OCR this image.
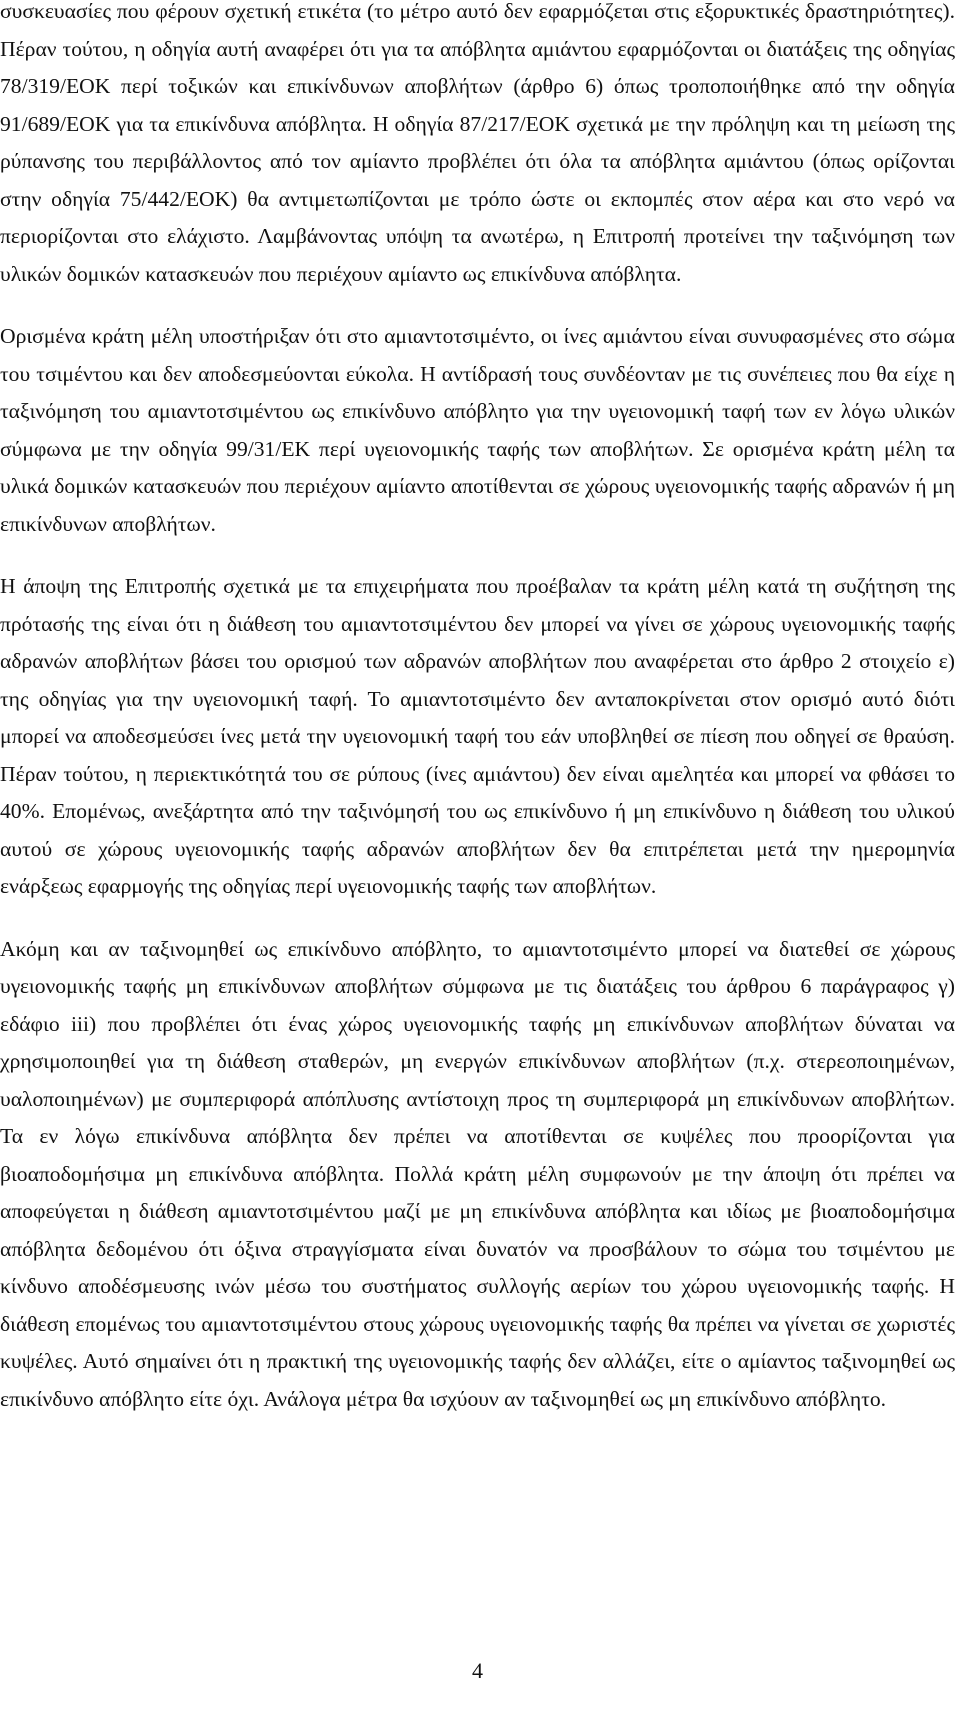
συσκευασίες που φέρουν σχετική ετικέτα (το μέτρο αυτό δεν εφαρμόζεται στις εξορυκτικές δραστηριότητες). Πέραν τούτου, η οδηγία αυτή αναφέρει ότι για τα απόβλητα αμιάντου εφαρμόζονται οι διατάξεις της οδηγίας 78/319/ΕΟΚ περί τοξικών και επικίνδυνων αποβλήτων (άρθρο 6) όπως τροποποιήθηκε από την οδηγία 91/689/ΕΟΚ για τα επικίνδυνα απόβλητα. Η οδηγία 87/217/ΕΟΚ σχετικά με την πρόληψη και τη μείωση της ρύπανσης του περιβάλλοντος από τον αμίαντο προβλέπει ότι όλα τα απόβλητα αμιάντου (όπως ορίζονται στην οδηγία 75/442/ΕΟΚ) θα αντιμετωπίζονται με τρόπο ώστε οι εκπομπές στον αέρα και στο νερό να περιορίζονται στο ελάχιστο. Λαμβάνοντας υπόψη τα ανωτέρω, η Επιτροπή προτείνει την ταξινόμηση των υλικών δομικών κατασκευών που περιέχουν αμίαντο ως επικίνδυνα απόβλητα.

Ορισμένα κράτη μέλη υποστήριξαν ότι στο αμιαντοτσιμέντο, οι ίνες αμιάντου είναι συνυφασμένες στο σώμα του τσιμέντου και δεν αποδεσμεύονται εύκολα. Η αντίδρασή τους συνδέονταν με τις συνέπειες που θα είχε η ταξινόμηση του αμιαντοτσιμέντου ως επικίνδυνο απόβλητο για την υγειονομική ταφή των εν λόγω υλικών σύμφωνα με την οδηγία 99/31/ΕΚ περί υγειονομικής ταφής των αποβλήτων. Σε ορισμένα κράτη μέλη τα υλικά δομικών κατασκευών που περιέχουν αμίαντο αποτίθενται σε χώρους υγειονομικής ταφής αδρανών ή μη επικίνδυνων αποβλήτων.

Η άποψη της Επιτροπής σχετικά με τα επιχειρήματα που προέβαλαν τα κράτη μέλη κατά τη συζήτηση της πρότασής της είναι ότι η διάθεση του αμιαντοτσιμέντου δεν μπορεί να γίνει σε χώρους υγειονομικής ταφής αδρανών αποβλήτων βάσει του ορισμού των αδρανών αποβλήτων που αναφέρεται στο άρθρο 2 στοιχείο ε) της οδηγίας για την υγειονομική ταφή. Το αμιαντοτσιμέντο δεν ανταποκρίνεται στον ορισμό αυτό διότι μπορεί να αποδεσμεύσει ίνες μετά την υγειονομική ταφή του εάν υποβληθεί σε πίεση που οδηγεί σε θραύση. Πέραν τούτου, η περιεκτικότητά του σε ρύπους (ίνες αμιάντου) δεν είναι αμελητέα και μπορεί να φθάσει το 40%. Επομένως, ανεξάρτητα από την ταξινόμησή του ως επικίνδυνο ή μη επικίνδυνο η διάθεση του υλικού αυτού σε χώρους υγειονομικής ταφής αδρανών αποβλήτων δεν θα επιτρέπεται μετά την ημερομηνία ενάρξεως εφαρμογής της οδηγίας περί υγειονομικής ταφής των αποβλήτων.

Ακόμη και αν ταξινομηθεί ως επικίνδυνο απόβλητο, το αμιαντοτσιμέντο μπορεί να διατεθεί σε χώρους υγειονομικής ταφής μη επικίνδυνων αποβλήτων σύμφωνα με τις διατάξεις του άρθρου 6 παράγραφος γ) εδάφιο iii) που προβλέπει ότι ένας χώρος υγειονομικής ταφής μη επικίνδυνων αποβλήτων δύναται να χρησιμοποιηθεί για τη διάθεση σταθερών, μη ενεργών επικίνδυνων αποβλήτων (π.χ. στερεοποιημένων, υαλοποιημένων) με συμπεριφορά απόπλυσης αντίστοιχη προς τη συμπεριφορά μη επικίνδυνων αποβλήτων. Τα εν λόγω επικίνδυνα απόβλητα δεν πρέπει να αποτίθενται σε κυψέλες που προορίζονται για βιοαποδομήσιμα μη επικίνδυνα απόβλητα. Πολλά κράτη μέλη συμφωνούν με την άποψη ότι πρέπει να αποφεύγεται η διάθεση αμιαντοτσιμέντου μαζί με μη επικίνδυνα απόβλητα και ιδίως με βιοαποδομήσιμα απόβλητα δεδομένου ότι όξινα στραγγίσματα είναι δυνατόν να προσβάλουν το σώμα του τσιμέντου με κίνδυνο αποδέσμευσης ινών μέσω του συστήματος συλλογής αερίων του χώρου υγειονομικής ταφής. Η διάθεση επομένως του αμιαντοτσιμέντου στους χώρους υγειονομικής ταφής θα πρέπει να γίνεται σε χωριστές κυψέλες. Αυτό σημαίνει ότι η πρακτική της υγειονομικής ταφής δεν αλλάζει, είτε ο αμίαντος ταξινομηθεί ως επικίνδυνο απόβλητο είτε όχι. Ανάλογα μέτρα θα ισχύουν αν ταξινομηθεί ως μη επικίνδυνο απόβλητο.

4
